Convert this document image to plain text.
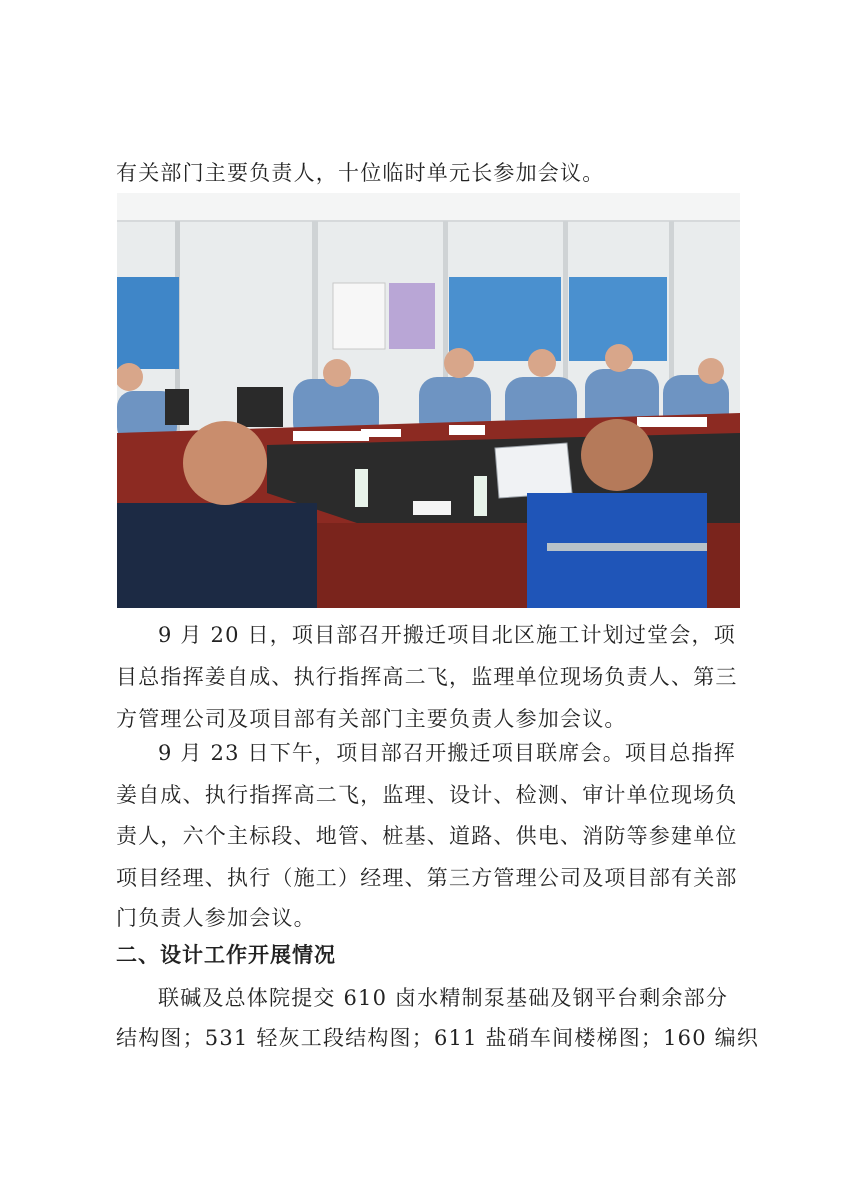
有关部门主要负责人，十位临时单元长参加会议。
9 月 20 日，项目部召开搬迁项目北区施工计划过堂会，项
目总指挥姜自成、执行指挥高二飞，监理单位现场负责人、第三
方管理公司及项目部有关部门主要负责人参加会议。
9 月 23 日下午，项目部召开搬迁项目联席会。项目总指挥
姜自成、执行指挥高二飞，监理、设计、检测、审计单位现场负
责人，六个主标段、地管、桩基、道路、供电、消防等参建单位
项目经理、执行（施工）经理、第三方管理公司及项目部有关部
门负责人参加会议。
二、设计工作开展情况
联碱及总体院提交 610 卤水精制泵基础及钢平台剩余部分
结构图；531 轻灰工段结构图；611 盐硝车间楼梯图；160 编织
